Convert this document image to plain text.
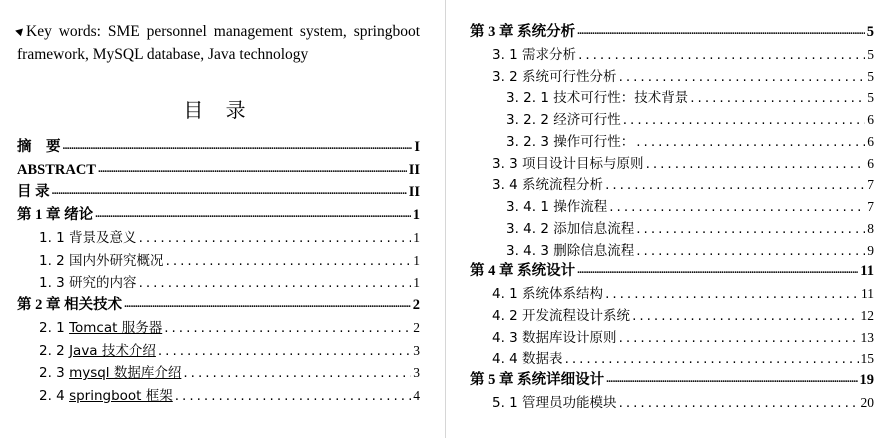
Key words: SME personnel management system, springboot framework, MySQL database, Java technology
目 录
摘　要 .....	I
ABSTRACT .....	II
目 录 .....	II
第 1 章 绪论 .....	1
1. 1 背景及意义 .....	1
1. 2 国内外研究概况 .....	1
1. 3 研究的内容 .....	1
第 2 章 相关技术 .....	2
2. 1 Tomcat 服务器 .....	2
2. 2 Java 技术介绍 .....	3
2. 3 mysql 数据库介绍 .....	3
2. 4 springboot 框架 .....	4
第 3 章 系统分析 .....	5
3. 1 需求分析 .....	5
3. 2 系统可行性分析 .....	5
3. 2. 1 技术可行性：技术背景 .....	5
3. 2. 2 经济可行性 .....	6
3. 2. 3 操作可行性： .....	6
3. 3 项目设计目标与原则 .....	6
3. 4 系统流程分析 .....	7
3. 4. 1 操作流程 .....	7
3. 4. 2 添加信息流程 .....	8
3. 4. 3 删除信息流程 .....	9
第 4 章 系统设计 .....	11
4. 1 系统体系结构 .....	11
4. 2 开发流程设计系统 .....	12
4. 3 数据库设计原则 .....	13
4. 4 数据表 .....	15
第 5 章 系统详细设计 .....	19
5. 1 管理员功能模块 .....	20
